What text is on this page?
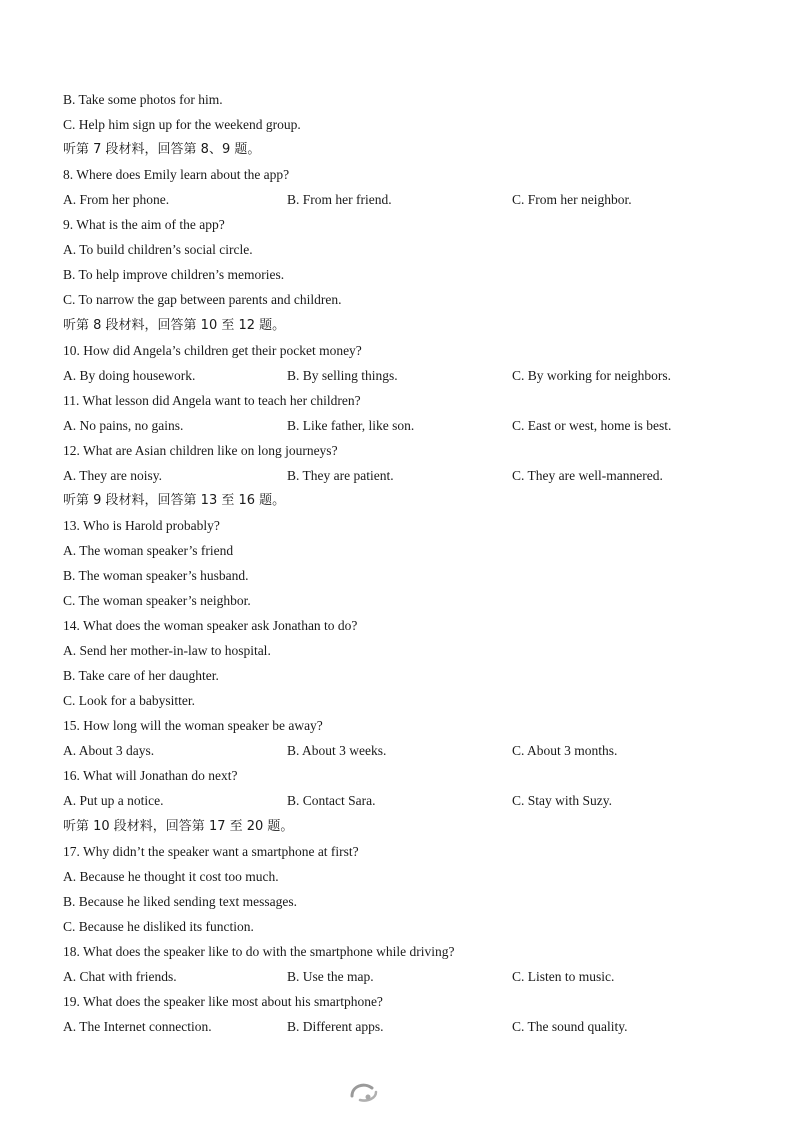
B. Take some photos for him.
C. Help him sign up for the weekend group.
听第 7 段材料，回答第 8、9 题。
8. Where does Emily learn about the app?
A. From her phone.	B. From her friend.	C. From her neighbor.
9. What is the aim of the app?
A. To build children’s social circle.
B. To help improve children’s memories.
C. To narrow the gap between parents and children.
听第 8 段材料，回答第 10 至 12 题。
10. How did Angela’s children get their pocket money?
A. By doing housework.	B. By selling things.	C. By working for neighbors.
11. What lesson did Angela want to teach her children?
A. No pains, no gains.	B. Like father, like son.	C. East or west, home is best.
12. What are Asian children like on long journeys?
A. They are noisy.	B. They are patient.	C. They are well-mannered.
听第 9 段材料，回答第 13 至 16 题。
13. Who is Harold probably?
A. The woman speaker’s friend
B. The woman speaker’s husband.
C. The woman speaker’s neighbor.
14. What does the woman speaker ask Jonathan to do?
A. Send her mother-in-law to hospital.
B. Take care of her daughter.
C. Look for a babysitter.
15. How long will the woman speaker be away?
A. About 3 days.	B. About 3 weeks.	C. About 3 months.
16. What will Jonathan do next?
A. Put up a notice.	B. Contact Sara.	C. Stay with Suzy.
听第 10 段材料，回答第 17 至 20 题。
17. Why didn’t the speaker want a smartphone at first?
A. Because he thought it cost too much.
B. Because he liked sending text messages.
C. Because he disliked its function.
18. What does the speaker like to do with the smartphone while driving?
A. Chat with friends.	B. Use the map.	C. Listen to music.
19. What does the speaker like most about his smartphone?
A. The Internet connection.	B. Different apps.	C. The sound quality.
